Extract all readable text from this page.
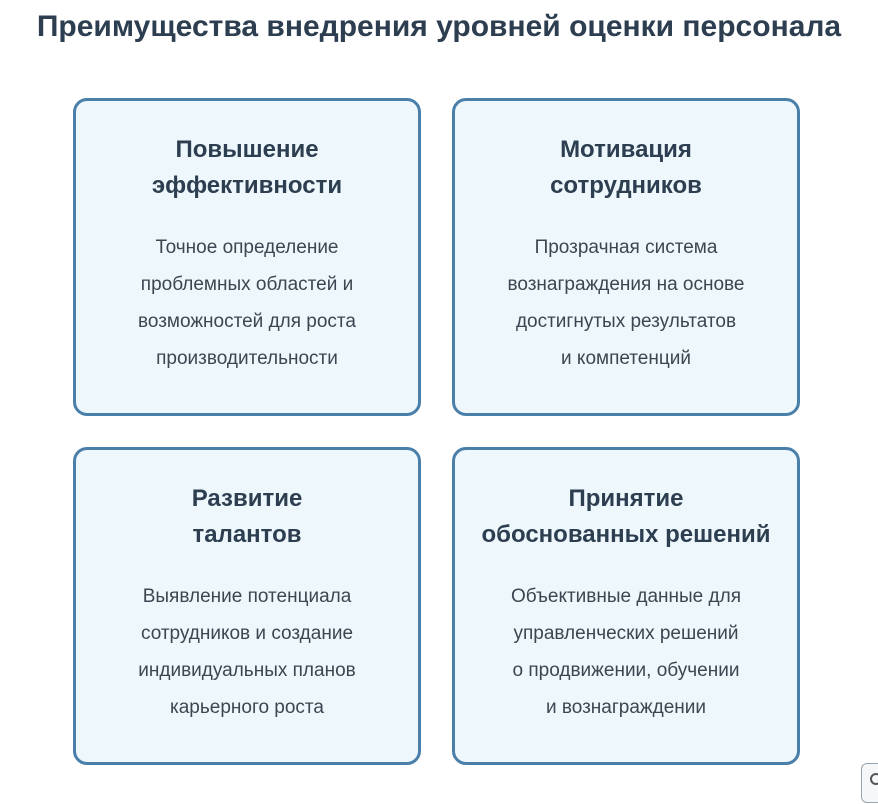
Преимущества внедрения уровней оценки персонала
Повышение
эффективности
Точное определение
проблемных областей и
возможностей для роста
производительности
Мотивация
сотрудников
Прозрачная система
вознаграждения на основе
достигнутых результатов
и компетенций
Развитие
талантов
Выявление потенциала
сотрудников и создание
индивидуальных планов
карьерного роста
Принятие
обоснованных решений
Объективные данные для
управленческих решений
о продвижении, обучении
и вознаграждении
